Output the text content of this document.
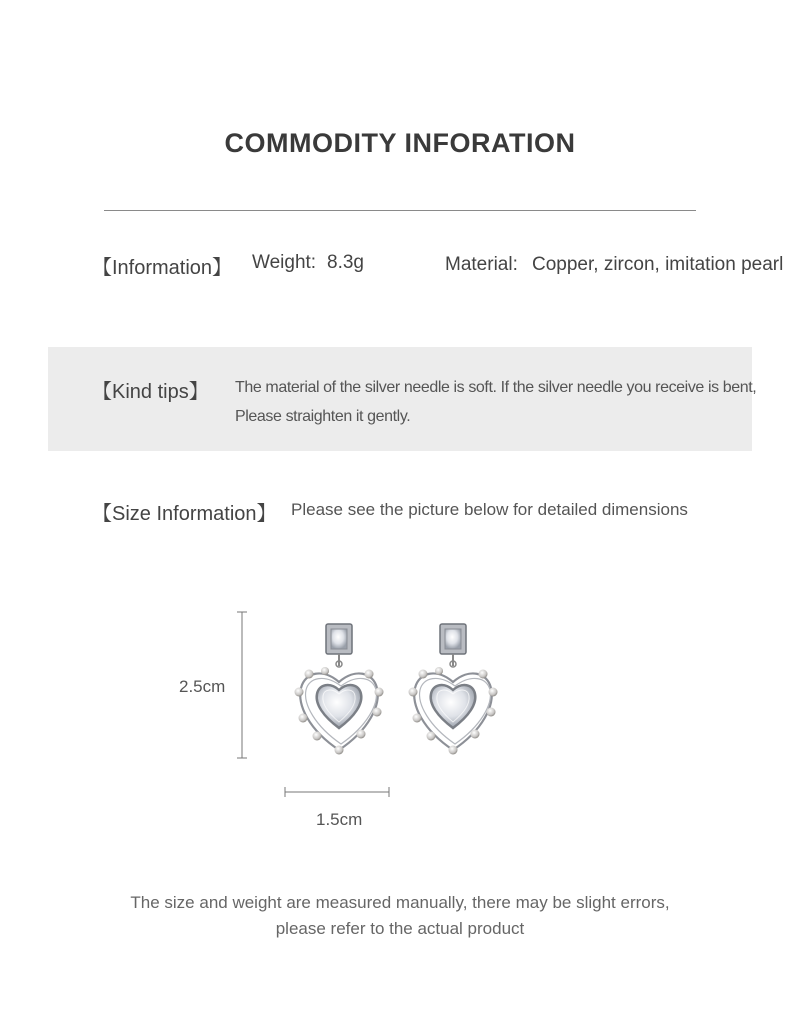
COMMODITY INFORATION
【Information】 Weight: 8.3g	Material: Copper, zircon, imitation pearl
【Kind tips】 The material of the silver needle is soft. If the silver needle you receive is bent,
Please straighten it gently.
【Size Information】 Please see the picture below for detailed dimensions
2.5cm
1.5cm
The size and weight are measured manually, there may be slight errors,
please refer to the actual product
